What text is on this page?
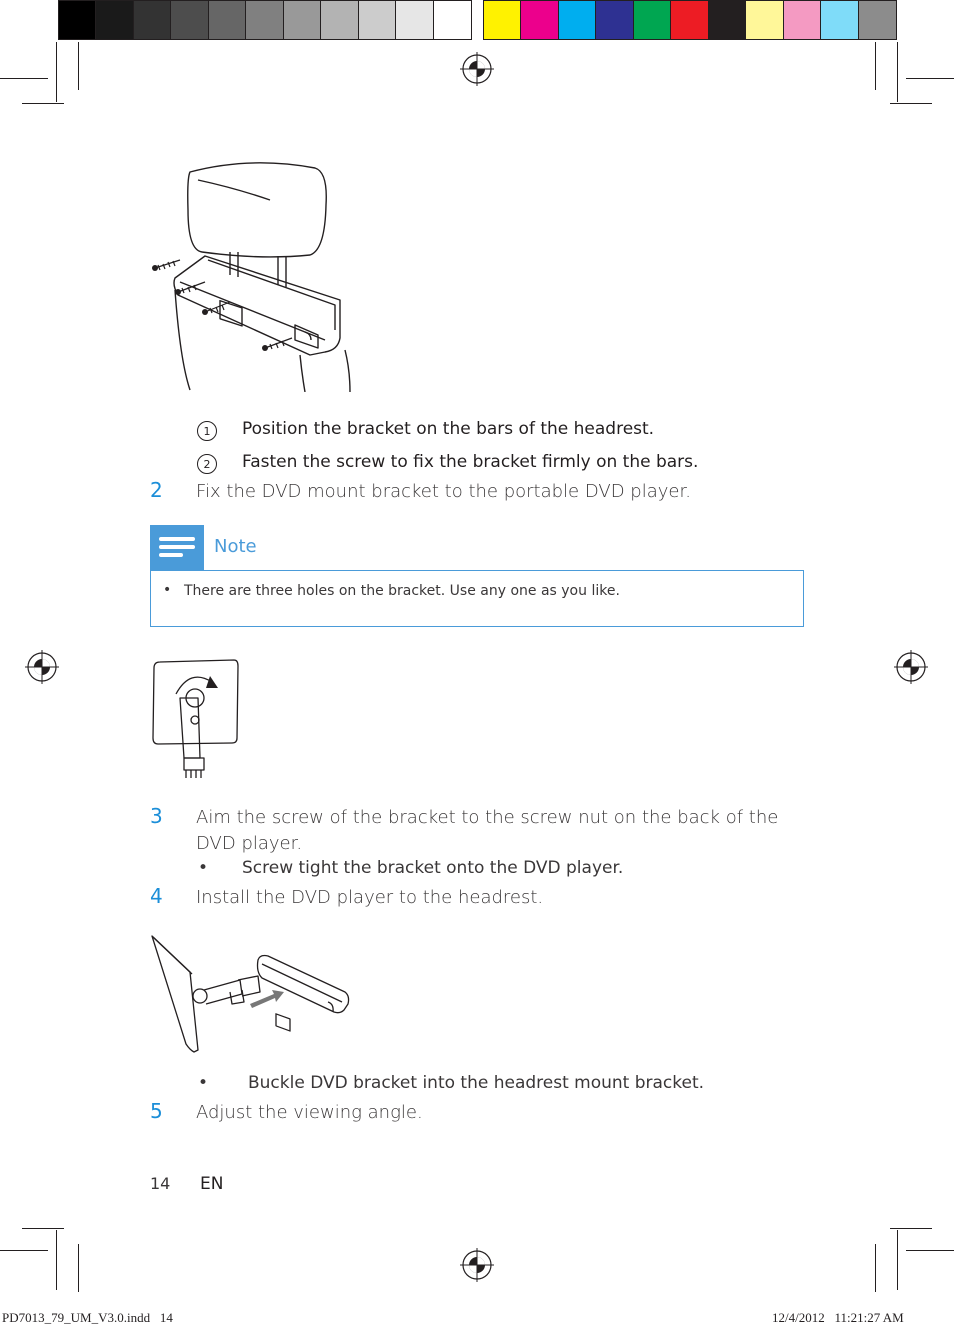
1	Position the bracket on the bars of the headrest.
2	Fasten the screw to fix the bracket firmly on the bars.
2 Fix the DVD mount bracket to the portable DVD player.
Note
• There are three holes on the bracket. Use any one as you like.
3 Aim the screw of the bracket to the screw nut on the back of the
DVD player.
• Screw tight the bracket onto the DVD player.
4 Install the DVD player to the headrest.
• Buckle DVD bracket into the headrest mount bracket.
5 Adjust the viewing angle.
14 EN
PD7013_79_UM_V3.0.indd   14	12/4/2012   11:21:27 AM
